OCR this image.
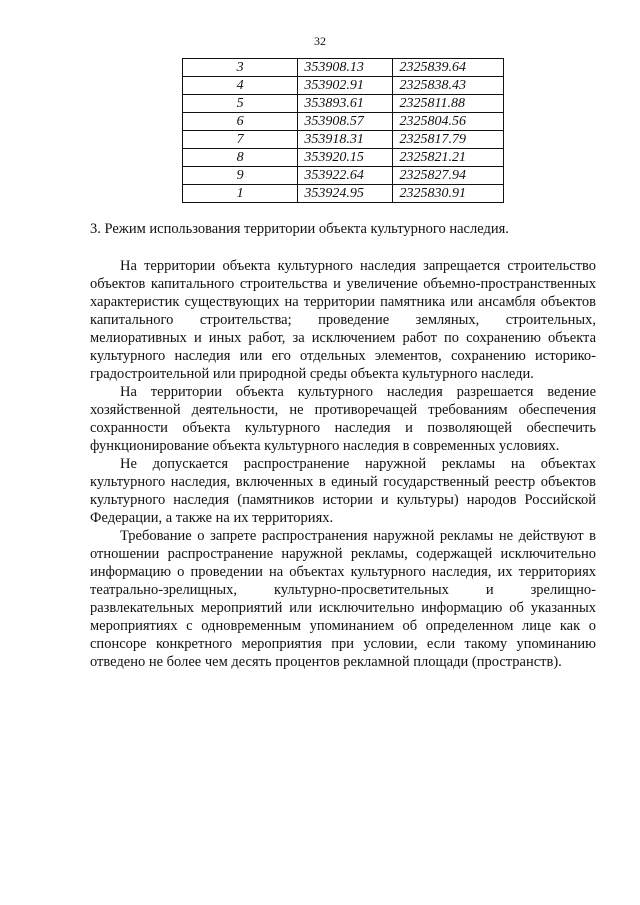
32
3	353908.13	2325839.64
4	353902.91	2325838.43
5	353893.61	2325811.88
6	353908.57	2325804.56
7	353918.31	2325817.79
8	353920.15	2325821.21
9	353922.64	2325827.94
1	353924.95	2325830.91
3. Режим использования территории объекта культурного наследия.

На территории объекта культурного наследия запрещается строительство объектов капитального строительства и увеличение объемно-пространственных характеристик существующих на территории памятника или ансамбля объектов капитального строительства; проведение земляных, строительных, мелиоративных и иных работ, за исключением работ по сохранению объекта культурного наследия или его отдельных элементов, сохранению историко-градостроительной или природной среды объекта культурного наследи.

На территории объекта культурного наследия разрешается ведение хозяйственной деятельности, не противоречащей требованиям обеспечения сохранности объекта культурного наследия и позволяющей обеспечить функционирование объекта культурного наследия в современных условиях.

Не допускается распространение наружной рекламы на объектах культурного наследия, включенных в единый государственный реестр объектов культурного наследия (памятников истории и культуры) народов Российской Федерации, а также на их территориях.

Требование о запрете распространения наружной рекламы не действуют в отношении распространение наружной рекламы, содержащей исключительно информацию о проведении на объектах культурного наследия, их территориях театрально-зрелищных, культурно-просветительных и зрелищно-развлекательных мероприятий или исключительно информацию об указанных мероприятиях с одновременным упоминанием об определенном лице как о спонсоре конкретного мероприятия при условии, если такому упоминанию отведено не более чем десять процентов рекламной площади (пространств).
